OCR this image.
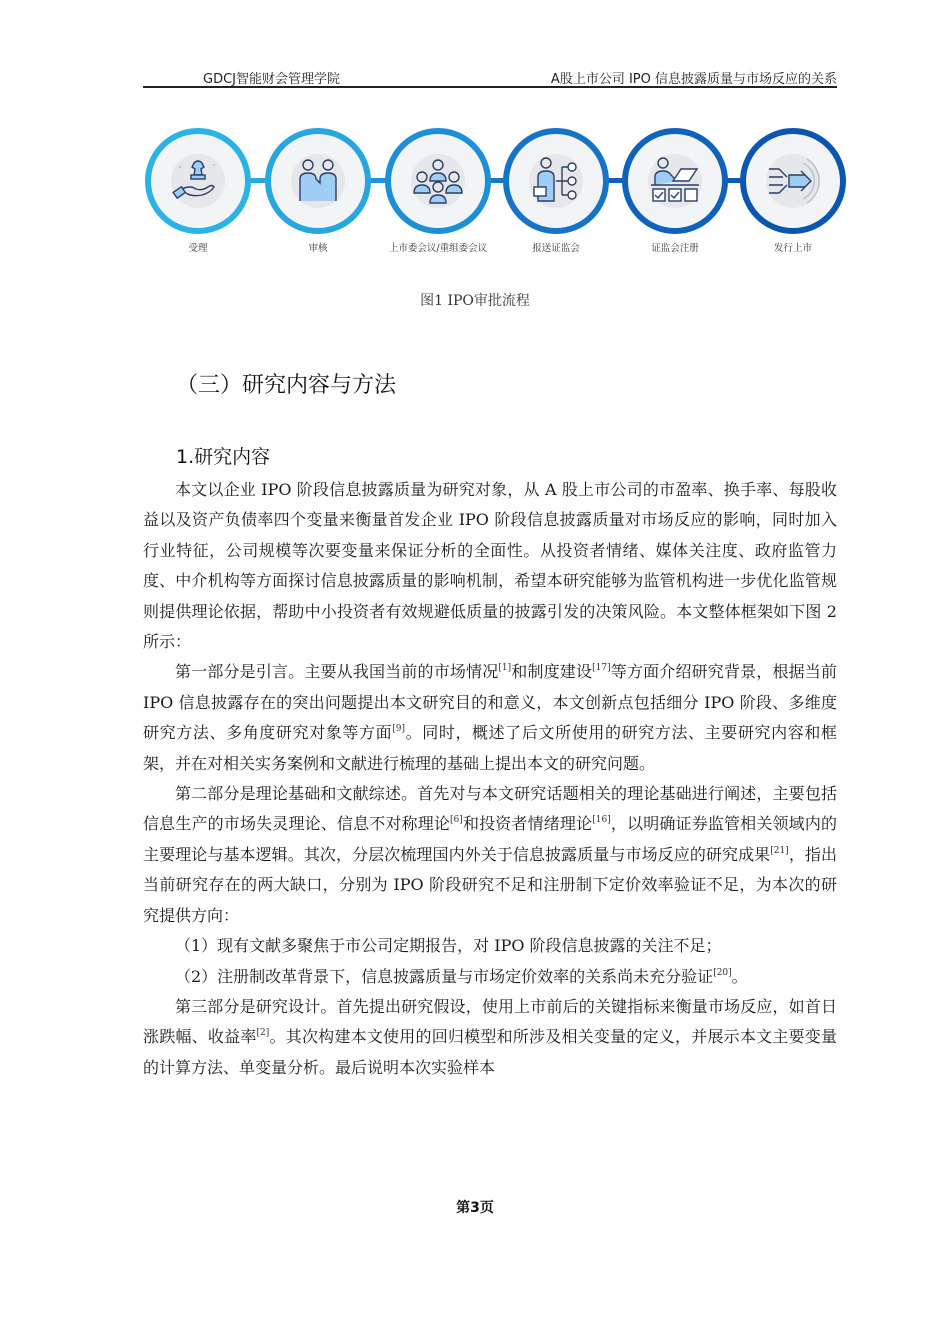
GDCJ智能财会管理学院	A股上市公司 IPO 信息披露质量与市场反应的关系
受理	审核	上市委会议/重组委会议	报送证监会	证监会注册	发行上市
图1 IPO审批流程
（三）研究内容与方法
1.研究内容

本文以企业 IPO 阶段信息披露质量为研究对象，从 A 股上市公司的市盈率、换手率、每股收益以及资产负债率四个变量来衡量首发企业 IPO 阶段信息披露质量对市场反应的影响，同时加入行业特征，公司规模等次要变量来保证分析的全面性。从投资者情绪、媒体关注度、政府监管力度、中介机构等方面探讨信息披露质量的影响机制，希望本研究能够为监管机构进一步优化监管规则提供理论依据，帮助中小投资者有效规避低质量的披露引发的决策风险。本文整体框架如下图 2 所示：

第一部分是引言。主要从我国当前的市场情况[1]和制度建设[17]等方面介绍研究背景，根据当前 IPO 信息披露存在的突出问题提出本文研究目的和意义，本文创新点包括细分 IPO 阶段、多维度研究方法、多角度研究对象等方面[9]。同时，概述了后文所使用的研究方法、主要研究内容和框架，并在对相关实务案例和文献进行梳理的基础上提出本文的研究问题。

第二部分是理论基础和文献综述。首先对与本文研究话题相关的理论基础进行阐述，主要包括信息生产的市场失灵理论、信息不对称理论[6]和投资者情绪理论[16]，以明确证券监管相关领域内的主要理论与基本逻辑。其次，分层次梳理国内外关于信息披露质量与市场反应的研究成果[21]，指出当前研究存在的两大缺口，分别为 IPO 阶段研究不足和注册制下定价效率验证不足，为本次的研究提供方向：

（1）现有文献多聚焦于市公司定期报告，对 IPO 阶段信息披露的关注不足；

（2）注册制改革背景下，信息披露质量与市场定价效率的关系尚未充分验证[20]。

第三部分是研究设计。首先提出研究假设，使用上市前后的关键指标来衡量市场反应，如首日涨跌幅、收益率[2]。其次构建本文使用的回归模型和所涉及相关变量的定义，并展示本文主要变量的计算方法、单变量分析。最后说明本次实验样本

第3页
